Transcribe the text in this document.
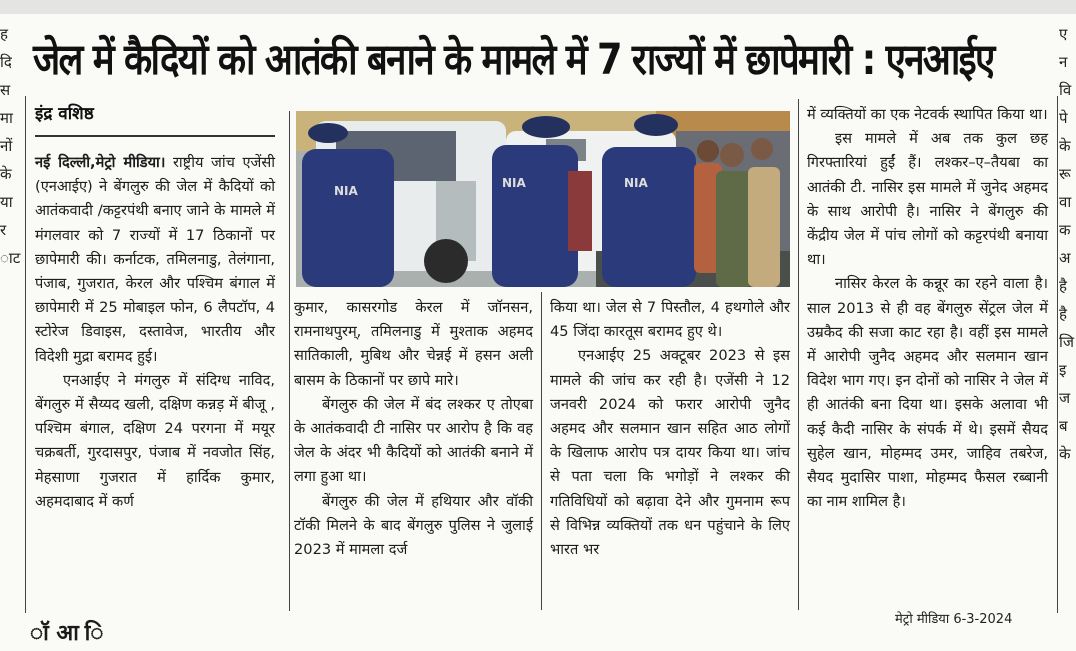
ह
दि
स
मा
नों
के
या
र
ाट
ए
न
वि
पे
के
रू
वा
क
अ
है
है
जि
इ
ज
ब
के
जेल में कैदियों को आतंकी बनाने के मामले में 7 राज्यों में छापेमारी : एनआईए
इंद्र वशिष्ठ

नई दिल्ली,मेट्रो मीडिया। राष्ट्रीय जांच एजेंसी (एनआईए) ने बेंगलुरु की जेल में कैदियों को आतंकवादी /कट्टरपंथी बनाए जाने के मामले में मंगलवार को 7 राज्यों में 17 ठिकानों पर छापेमारी की। कर्नाटक, तमिलनाडु, तेलंगाना, पंजाब, गुजरात, केरल और पश्चिम बंगाल में छापेमारी में 25 मोबाइल फोन, 6 लैपटॉप, 4 स्टोरेज डिवाइस, दस्तावेज, भारतीय और विदेशी मुद्रा बरामद हुई।

एनआईए ने मंगलुरु में संदिग्ध नाविद, बेंगलुरु में सैय्यद खली, दक्षिण कन्नड़ में बीजू , पश्चिम बंगाल, दक्षिण 24 परगना में मयूर चक्रबर्ती, गुरदासपुर, पंजाब में नवजोत सिंह, मेहसाणा गुजरात में हार्दिक कुमार, अहमदाबाद में कर्ण

NIA
NIA	NIA

कुमार, कासरगोड केरल में जॉनसन, रामनाथपुरम्, तमिलनाडु में मुश्ताक अहमद सातिकाली, मुबिथ और चेन्नई में हसन अली बासम के ठिकानों पर छापे मारे।

बेंगलुरु की जेल में बंद लश्कर ए तोएबा के आतंकवादी टी नासिर पर आरोप है कि वह जेल के अंदर भी कैदियों को आतंकी बनाने में लगा हुआ था।

बेंगलुरु की जेल में हथियार और वॉकी टॉकी मिलने के बाद बेंगलुरु पुलिस ने जुलाई 2023 में मामला दर्ज

किया था। जेल से 7 पिस्तौल, 4 हथगोले और 45 जिंदा कारतूस बरामद हुए थे।

एनआईए 25 अक्टूबर 2023 से इस मामले की जांच कर रही है। एजेंसी ने 12 जनवरी 2024 को फरार आरोपी जुनैद अहमद और सलमान खान सहित आठ लोगों के खिलाफ आरोप पत्र दायर किया था। जांच से पता चला कि भगोड़ों ने लश्कर की गतिविधियों को बढ़ावा देने और गुमनाम रूप से विभिन्न व्यक्तियों तक धन पहुंचाने के लिए भारत भर

में व्यक्तियों का एक नेटवर्क स्थापित किया था।

इस मामले में अब तक कुल छह गिरफ्तारियां हुईं हैं। लश्कर–ए–तैयबा का आतंकी टी. नासिर इस मामले में जुनेद अहमद के साथ आरोपी है। नासिर ने बेंगलुरु की केंद्रीय जेल में पांच लोगों को कट्टरपंथी बनाया था।

नासिर केरल के कन्नूर का रहने वाला है। साल 2013 से ही वह बेंगलुरु सेंट्रल जेल में उम्रकैद की सजा काट रहा है। वहीं इस मामले में आरोपी जुनैद अहमद और सलमान खान विदेश भाग गए। इन दोनों को नासिर ने जेल में ही आतंकी बना दिया था। इसके अलावा भी कई कैदी नासिर के संपर्क में थे। इसमें सैयद सुहेल खान, मोहम्मद उमर, जाहिव तबरेज, सैयद मुदासिर पाशा, मोहम्मद फैसल रब्बानी का नाम शामिल है।

मेट्रो मीडिया 6-3-2024
ॉ आ ि
